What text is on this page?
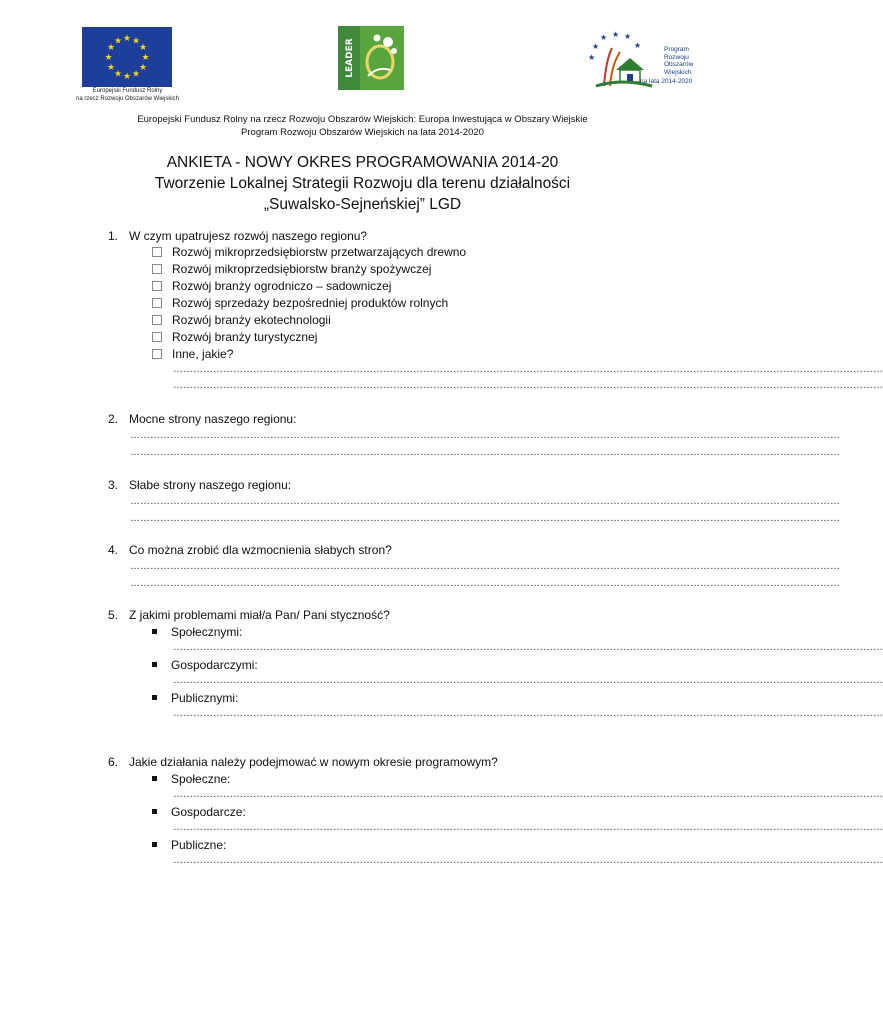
★ ★
★
★
★
★
★
★
★
★
★
★
Europejski Fundusz Rolny
na rzecz Rozwoju Obszarów Wiejskich
LEADER
★ ★ ★
★	★
★
Program
Rozwoju
Obszarów
Wiejskich
na lata 2014-2020
Europejski Fundusz Rolny na rzecz Rozwoju Obszarów Wiejskich: Europa Inwestująca w Obszary Wiejskie
Program Rozwoju Obszarów Wiejskich na lata 2014-2020
ANKIETA - NOWY OKRES PROGRAMOWANIA 2014-20
Tworzenie Lokalnej Strategii Rozwoju dla terenu działalności
„Suwalsko-Sejneńskiej” LGD
1. W czym upatrujesz rozwój naszego regionu?
Rozwój mikroprzedsiębiorstw przetwarzających drewno
Rozwój mikroprzedsiębiorstw branży spożywczej
Rozwój branży ogrodniczo – sadowniczej
Rozwój sprzedaży bezpośredniej produktów rolnych
Rozwój branży ekotechnologii
Rozwój branży turystycznej
Inne, jakie?
……………………………………………………………………………………………………………………………………………………………………………………………
……………………………………………………………………………………………………………………………………………………………………………………………
2. Mocne strony naszego regionu:
……………………………………………………………………………………………………………………………………………………………………………………………
……………………………………………………………………………………………………………………………………………………………………………………………
3. Słabe strony naszego regionu:
……………………………………………………………………………………………………………………………………………………………………………………………
……………………………………………………………………………………………………………………………………………………………………………………………
4. Co można zrobić dla wzmocnienia słabych stron?
……………………………………………………………………………………………………………………………………………………………………………………………
……………………………………………………………………………………………………………………………………………………………………………………………
5. Z jakimi problemami miał/a Pan/ Pani styczność?
Społecznymi:
……………………………………………………………………………………………………………………………………………………………………………………………
Gospodarczymi:
……………………………………………………………………………………………………………………………………………………………………………………………
Publicznymi:
……………………………………………………………………………………………………………………………………………………………………………………………
6. Jakie działania należy podejmować w nowym okresie programowym?
Społeczne:
……………………………………………………………………………………………………………………………………………………………………………………………
Gospodarcze:
……………………………………………………………………………………………………………………………………………………………………………………………
Publiczne:
……………………………………………………………………………………………………………………………………………………………………………………………
